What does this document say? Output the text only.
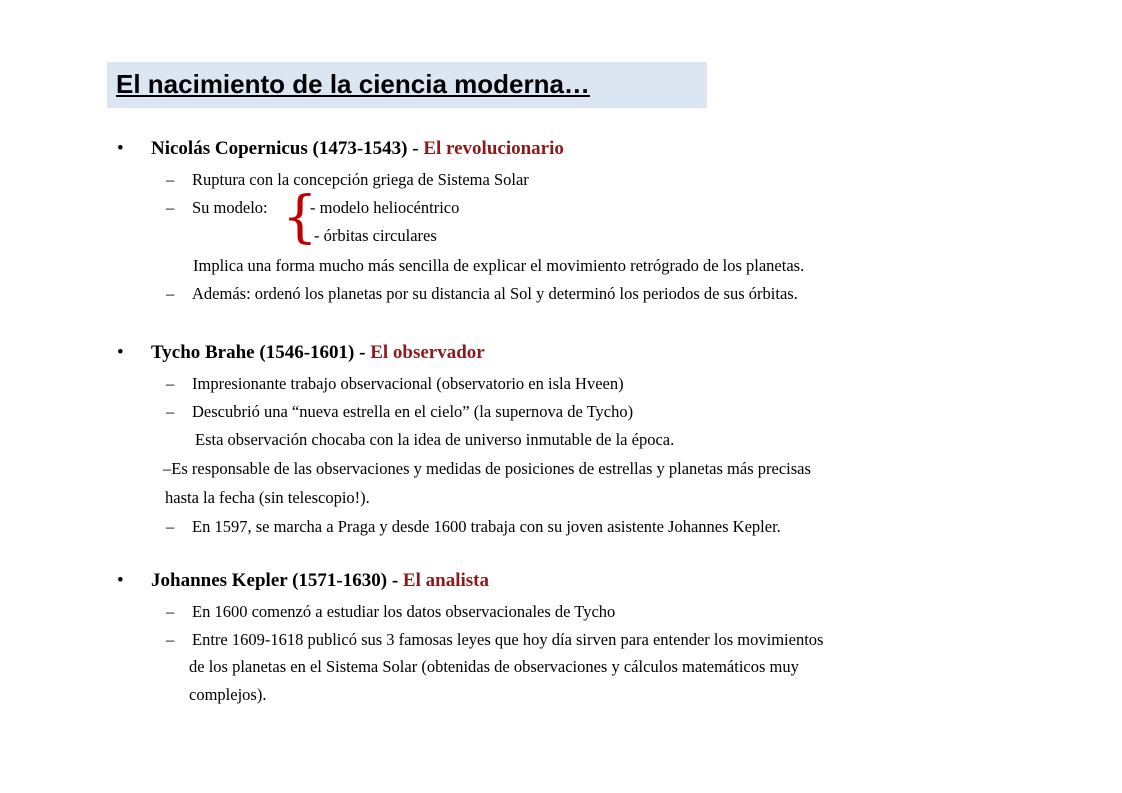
El nacimiento de la ciencia moderna…
• Nicolás Copernicus (1473-1543) - El revolucionario
– Ruptura con la concepción griega de Sistema Solar
– Su modelo: {
- modelo heliocéntrico
- órbitas circulares
Implica una forma mucho más sencilla de explicar el movimiento retrógrado de los planetas.
– Además: ordenó los planetas por su distancia al Sol y determinó los periodos de sus órbitas.
• Tycho Brahe (1546-1601) - El observador
– Impresionante trabajo observacional (observatorio en isla Hveen)
– Descubrió una “nueva estrella en el cielo” (la supernova de Tycho)
Esta observación chocaba con la idea de universo inmutable de la época.
–Es responsable de las observaciones y medidas de posiciones de estrellas y planetas más precisas
hasta la fecha (sin telescopio!).
– En 1597, se marcha a Praga y desde 1600 trabaja con su joven asistente Johannes Kepler.
• Johannes Kepler (1571-1630) - El analista
– En 1600 comenzó a estudiar los datos observacionales de Tycho
– Entre 1609-1618 publicó sus 3 famosas leyes que hoy día sirven para entender los movimientos
de los planetas en el Sistema Solar (obtenidas de observaciones y cálculos matemáticos muy
complejos).
